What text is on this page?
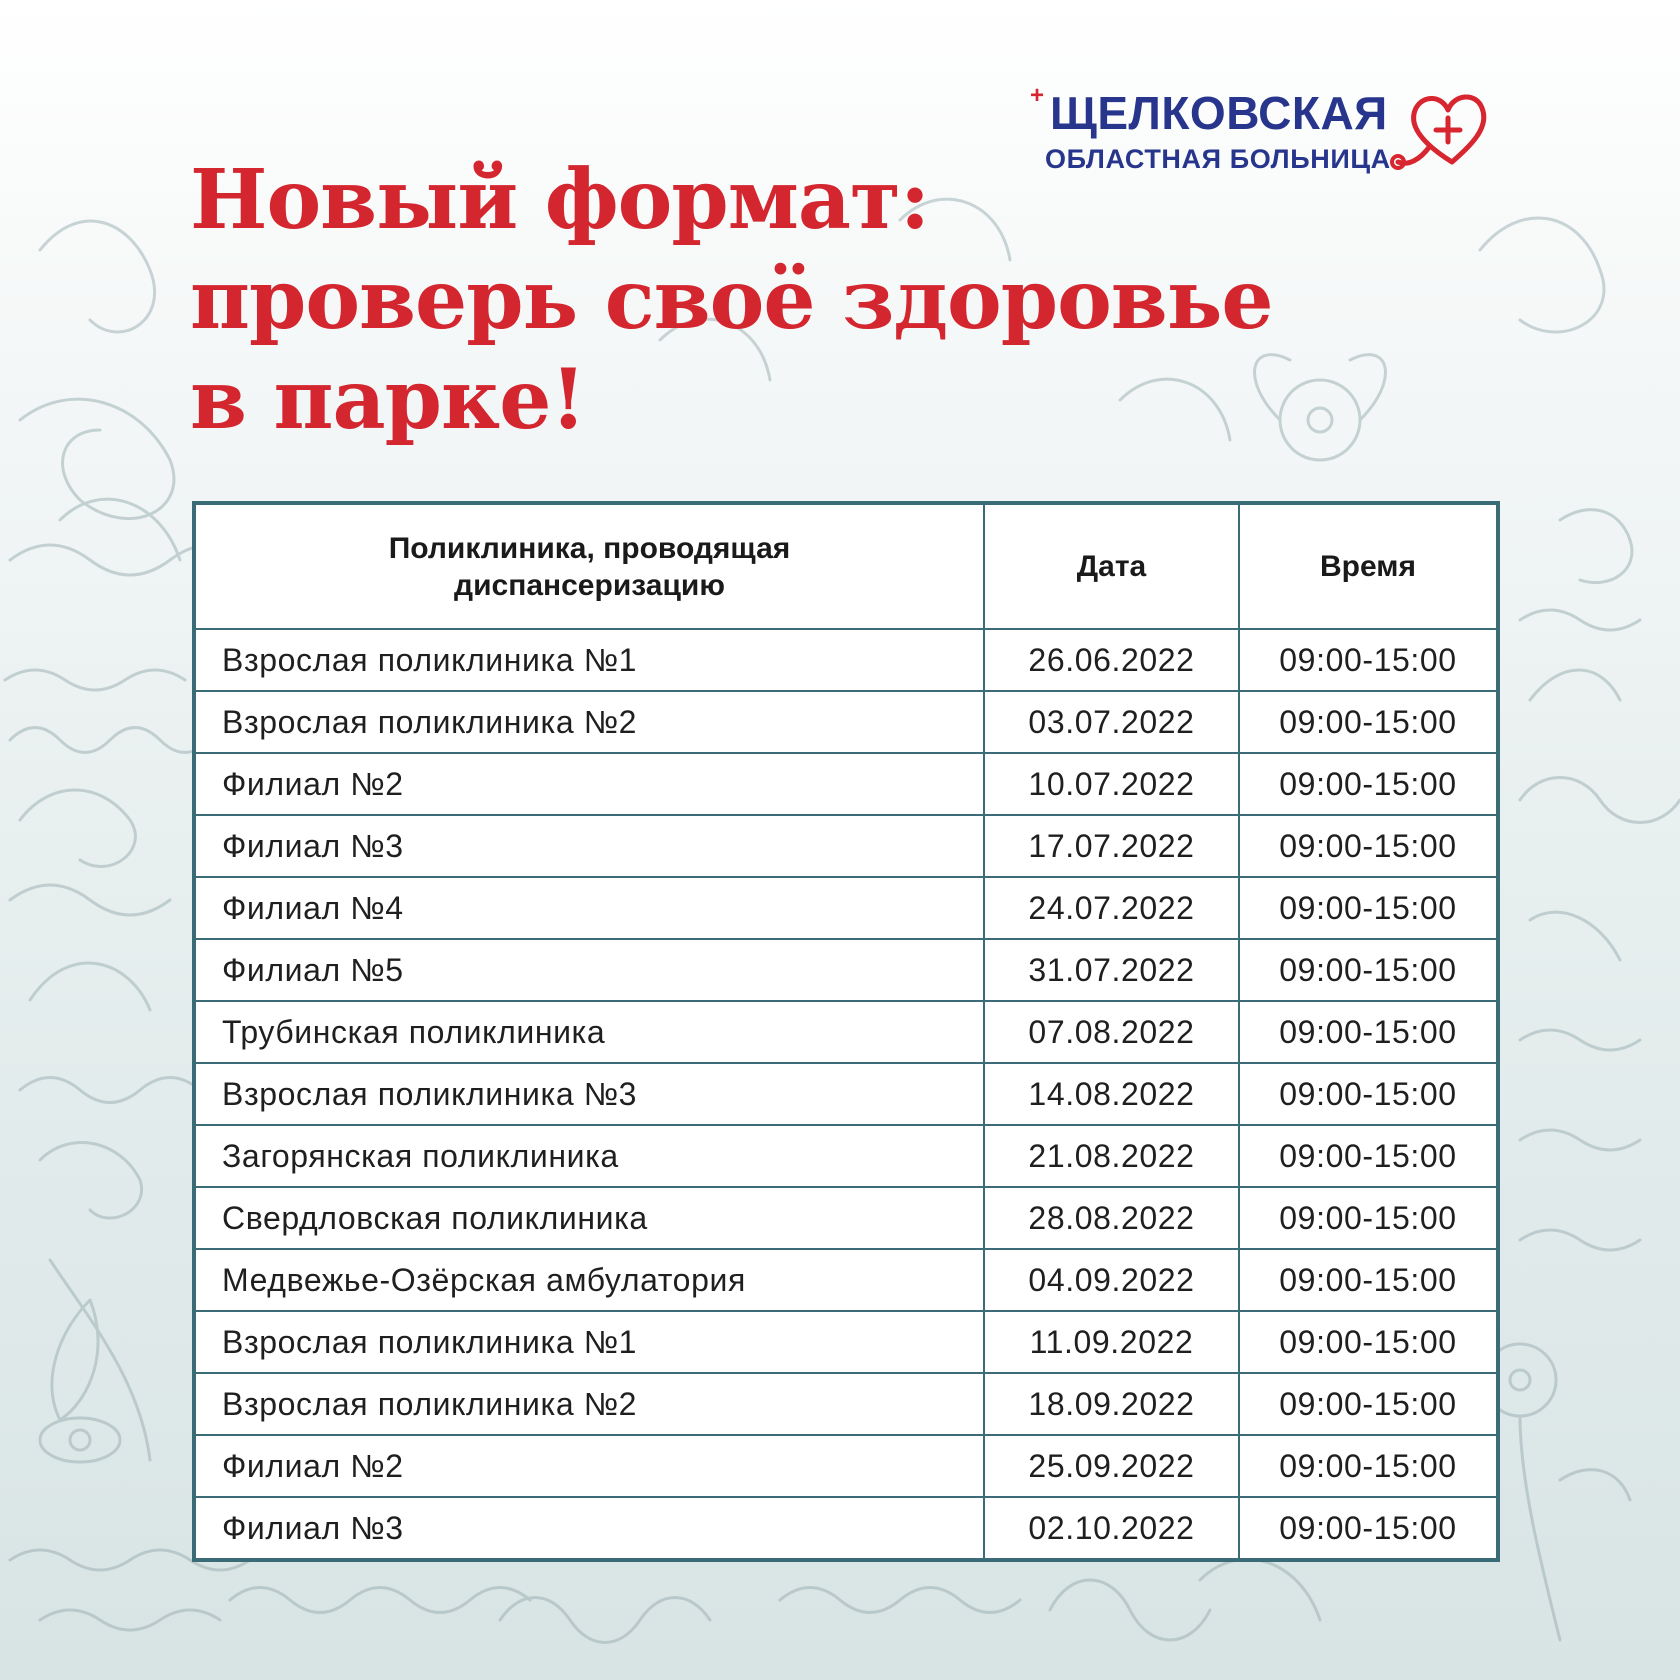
+ ЩЕЛКОВСКАЯ
ОБЛАСТНАЯ БОЛЬНИЦА
Новый формат:
проверь своё здоровье
в парке!
Поликлиника, проводящая диспансеризацию	Дата	Время
Взрослая поликлиника №1	26.06.2022	09:00-15:00
Взрослая поликлиника №2	03.07.2022	09:00-15:00
Филиал №2	10.07.2022	09:00-15:00
Филиал №3	17.07.2022	09:00-15:00
Филиал №4	24.07.2022	09:00-15:00
Филиал №5	31.07.2022	09:00-15:00
Трубинская поликлиника	07.08.2022	09:00-15:00
Взрослая поликлиника №3	14.08.2022	09:00-15:00
Загорянская поликлиника	21.08.2022	09:00-15:00
Свердловская поликлиника	28.08.2022	09:00-15:00
Медвежье-Озёрская амбулатория	04.09.2022	09:00-15:00
Взрослая поликлиника №1	11.09.2022	09:00-15:00
Взрослая поликлиника №2	18.09.2022	09:00-15:00
Филиал №2	25.09.2022	09:00-15:00
Филиал №3	02.10.2022	09:00-15:00
